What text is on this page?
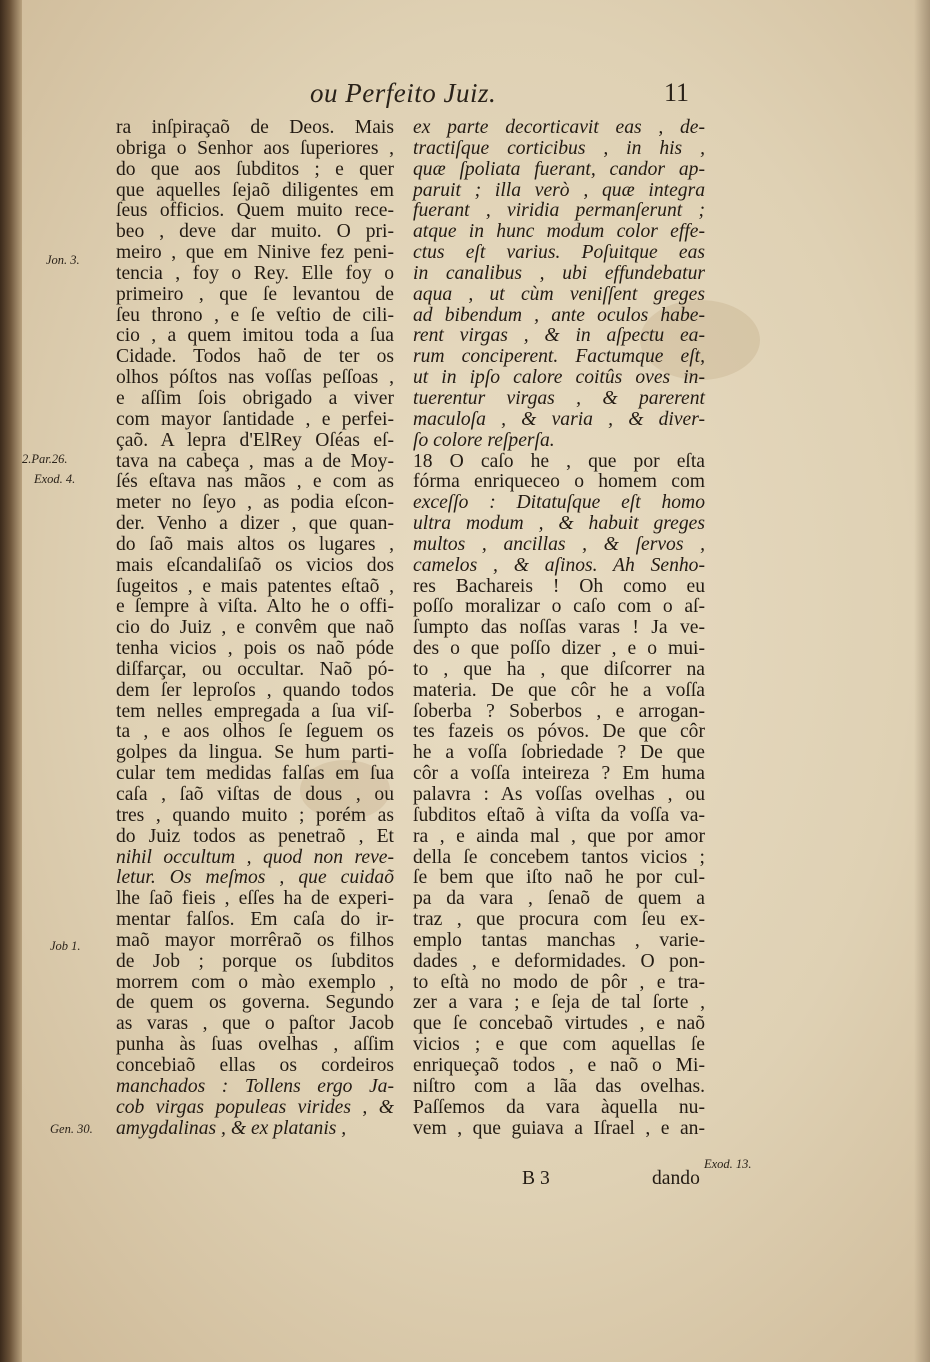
ou Perfeito Juiz.	11
ra inſpiraçaõ de Deos. Mais
obriga o Senhor aos ſuperiores ,
do que aos ſubditos ; e quer
que aquelles ſejaõ diligentes em
ſeus officios. Quem muito rece-
beo , deve dar muito. O pri-
meiro , que em Ninive fez peni-
tencia , foy o Rey. Elle foy o
primeiro , que ſe levantou de
ſeu throno , e ſe veſtio de cili-
cio , a quem imitou toda a ſua
Cidade. Todos haõ de ter os
olhos póſtos nas voſſas peſſoas ,
e aſſim ſois obrigado a viver
com mayor ſantidade , e perfei-
çaõ. A lepra d'ElRey Oſéas eſ-
tava na cabeça , mas a de Moy-
ſés eſtava nas mãos , e com as
meter no ſeyo , as podia eſcon-
der. Venho a dizer , que quan-
do ſaõ mais altos os lugares ,
mais eſcandaliſaõ os vicios dos
ſugeitos , e mais patentes eſtaõ ,
e ſempre à viſta. Alto he o offi-
cio do Juiz , e convêm que naõ
tenha vicios , pois os naõ póde
diſfarçar, ou occultar. Naõ pó-
dem ſer leproſos , quando todos
tem nelles empregada a ſua viſ-
ta , e aos olhos ſe ſeguem os
golpes da lingua. Se hum parti-
cular tem medidas falſas em ſua
caſa , ſaõ viſtas de dous , ou
tres , quando muito ; porém as
do Juiz todos as penetraõ , Et
nihil occultum , quod non reve-
letur. Os meſmos , que cuidaõ
lhe ſaõ fieis , eſſes ha de experi-
mentar falſos. Em caſa do ir-
maõ mayor morrêraõ os filhos
de Job ; porque os ſubditos
morrem com o mào exemplo ,
de quem os governa. Segundo
as varas , que o paſtor Jacob
punha às ſuas ovelhas , aſſim
concebiaõ ellas os cordeiros
manchados : Tollens ergo Ja-
cob virgas populeas virides , &
amygdalinas , & ex platanis ,
ex parte decorticavit eas , de-
tractiſque corticibus , in his ,
quæ ſpoliata fuerant, candor ap-
paruit ; illa verò , quæ integra
fuerant , viridia permanſerunt ;
atque in hunc modum color effe-
ctus eſt varius. Poſuitque eas
in canalibus , ubi effundebatur
aqua , ut cùm veniſſent greges
ad bibendum , ante oculos habe-
rent virgas , & in aſpectu ea-
rum conciperent. Factumque eſt,
ut in ipſo calore coitûs oves in-
tuerentur virgas , & parerent
maculoſa , & varia , & diver-
ſo colore reſperſa.
18 O caſo he , que por eſta
fórma enriqueceo o homem com
exceſſo : Ditatuſque eſt homo
ultra modum , & habuit greges
multos , ancillas , & ſervos ,
camelos , & aſinos. Ah Senho-
res Bachareis ! Oh como eu
poſſo moralizar o caſo com o aſ-
ſumpto das noſſas varas ! Ja ve-
des o que poſſo dizer , e o mui-
to , que ha , que diſcorrer na
materia. De que côr he a voſſa
ſoberba ? Soberbos , e arrogan-
tes fazeis os póvos. De que côr
he a voſſa ſobriedade ? De que
côr a voſſa inteireza ? Em huma
palavra : As voſſas ovelhas , ou
ſubditos eſtaõ à viſta da voſſa va-
ra , e ainda mal , que por amor
della ſe concebem tantos vicios ;
ſe bem que iſto naõ he por cul-
pa da vara , ſenaõ de quem a
traz , que procura com ſeu ex-
emplo tantas manchas , varie-
dades , e deformidades. O pon-
to eſtà no modo de pôr , e tra-
zer a vara ; e ſeja de tal ſorte ,
que ſe concebaõ virtudes , e naõ
vicios ; e que com aquellas ſe
enriqueçaõ todos , e naõ o Mi-
niſtro com a lãa das ovelhas.
Paſſemos da vara àquella nu-
vem , que guiava a Iſrael , e an-
Jon. 3.
2.Par.26.
Exod. 4.
Job 1.
Gen. 30.
Exod. 13.
B 3	dando
